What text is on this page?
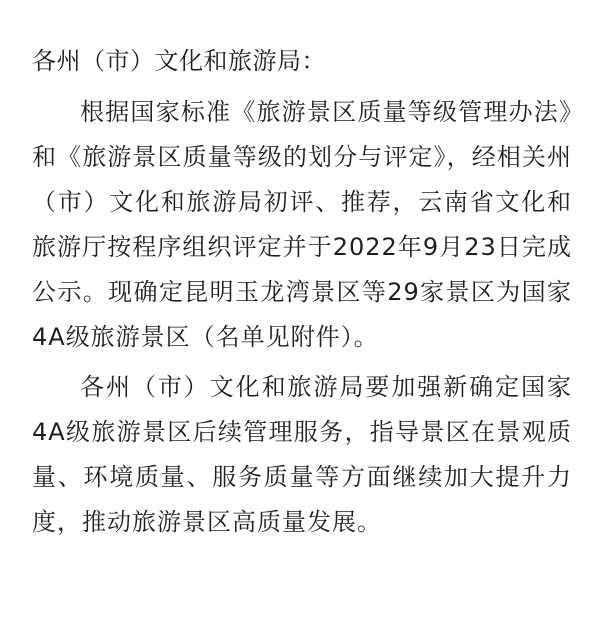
各州（市）文化和旅游局：

根据国家标准《旅游景区质量等级管理办法》和《旅游景区质量等级的划分与评定》，经相关州（市）文化和旅游局初评、推荐，云南省文化和旅游厅按程序组织评定并于2022年9月23日完成公示。现确定昆明玉龙湾景区等29家景区为国家4A级旅游景区（名单见附件）。

各州（市）文化和旅游局要加强新确定国家4A级旅游景区后续管理服务，指导景区在景观质量、环境质量、服务质量等方面继续加大提升力度，推动旅游景区高质量发展。
